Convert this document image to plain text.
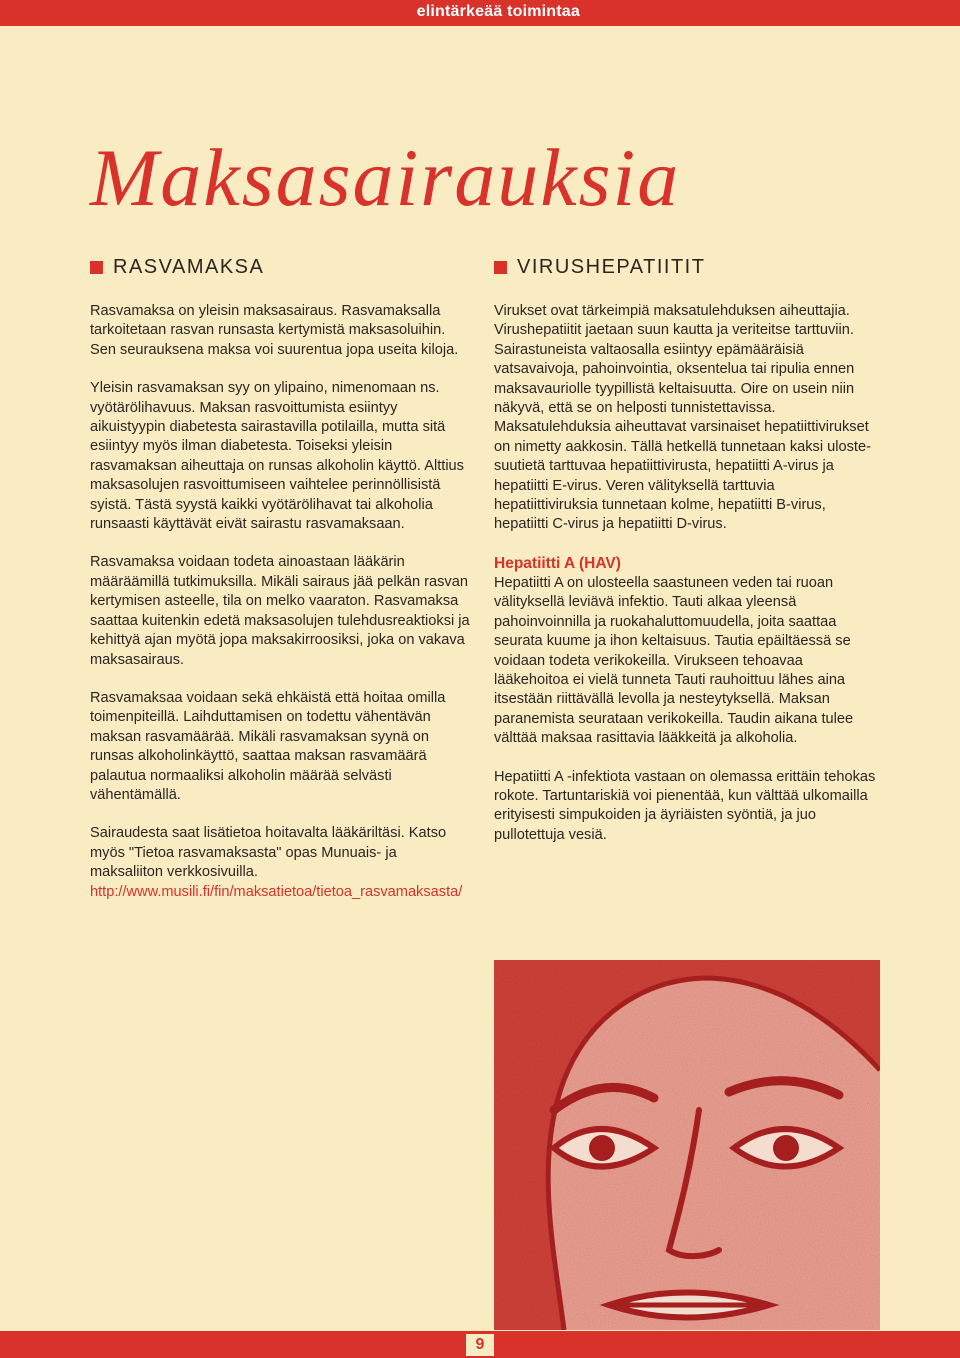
elintärkeää toimintaa
Maksasairauksia
RASVAMAKSA

Rasvamaksa on yleisin maksasairaus. Rasvamaksalla tarkoitetaan rasvan runsasta kertymistä maksasoluihin. Sen seurauksena maksa voi suurentua jopa useita kiloja.

Yleisin rasvamaksan syy on ylipaino, nimenomaan ns. vyötärölihavuus. Maksan rasvoittumista esiintyy aikuistyypin diabetesta sairastavilla potilailla, mutta sitä esiintyy myös ilman diabetesta. Toiseksi yleisin rasvamaksan aiheuttaja on runsas alkoholin käyttö. Alttius maksasolujen rasvoittumiseen vaihtelee perinnöllisistä syistä. Tästä syystä kaikki vyötärölihavat tai alkoholia runsaasti käyttävät eivät sairastu rasvamaksaan.

Rasvamaksa voidaan todeta ainoastaan lääkärin määräämillä tutkimuksilla. Mikäli sairaus jää pelkän rasvan kertymisen asteelle, tila on melko vaaraton. Rasvamaksa saattaa kuitenkin edetä maksasolujen tulehdusreaktioksi ja kehittyä ajan myötä jopa maksakirroosiksi, joka on vakava maksasairaus.

Rasvamaksaa voidaan sekä ehkäistä että hoitaa omilla toimenpiteillä. Laihduttamisen on todettu vähentävän maksan rasvamäärää. Mikäli rasvamaksan syynä on runsas alkoholinkäyttö, saattaa maksan rasvamäärä palautua normaaliksi alkoholin määrää selvästi vähentämällä.

Sairaudesta saat lisätietoa hoitavalta lääkäriltäsi. Katso myös "Tietoa rasvamaksasta" opas Munuais- ja maksaliiton verkkosivuilla. http://www.musili.fi/fin/maksatietoa/tietoa_rasvamaksasta/

VIRUSHEPATIITIT

Virukset ovat tärkeimpiä maksatulehduksen aiheuttajia. Virushepatiitit jaetaan suun kautta ja veriteitse tarttuviin. Sairastuneista valtaosalla esiintyy epämääräisiä vatsavaivoja, pahoinvointia, oksentelua tai ripulia ennen maksavauriolle tyypillistä keltaisuutta. Oire on usein niin näkyvä, että se on helposti tunnistettavissa. Maksatulehduksia aiheuttavat varsinaiset hepatiittivirukset on nimetty aakkosin. Tällä hetkellä tunnetaan kaksi uloste-suutietä tarttuvaa hepatiittivirusta, hepatiitti A-virus ja hepatiitti E-virus. Veren välityksellä tarttuvia hepatiittiviruksia tunnetaan kolme, hepatiitti B-virus, hepatiitti C-virus ja hepatiitti D-virus.

Hepatiitti A (HAV)

Hepatiitti A on ulosteella saastuneen veden tai ruoan välityksellä leviävä infektio. Tauti alkaa yleensä pahoinvoinnilla ja ruokahaluttomuudella, joita saattaa seurata kuume ja ihon keltaisuus. Tautia epäiltäessä se voidaan todeta verikokeilla. Virukseen tehoavaa lääkehoitoa ei vielä tunneta Tauti rauhoittuu lähes aina itsestään riittävällä levolla ja nesteytyksellä. Maksan paranemista seurataan verikokeilla. Taudin aikana tulee välttää maksaa rasittavia lääkkeitä ja alkoholia.

Hepatiitti A -infektiota vastaan on olemassa erittäin tehokas rokote. Tartuntariskiä voi pienentää, kun välttää ulkomailla erityisesti simpukoiden ja äyriäisten syöntiä, ja juo pullotettuja vesiä.

9
